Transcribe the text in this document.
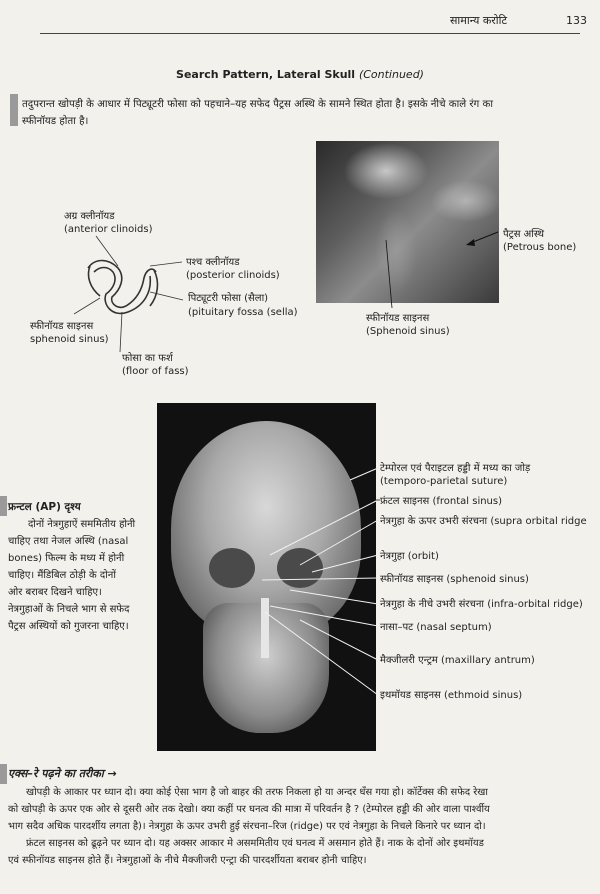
सामान्य करोटि	133
Search Pattern, Lateral Skull (Continued)
तदुपरान्त खोपड़ी के आधार में पिट्यूटरी फोसा को पहचाने–यह सफेद पैट्रस अस्थि के सामने स्थित होता है। इसके नीचे काले रंग का
स्फीनॉयड होता है।
अग्र क्लीनॉयड
(anterior clinoids)
पश्च क्लीनॉयड
(posterior clinoids)
पिट्यूटरी फोसा (सैला)
(pituitary fossa (sella)
स्फीनॉयड साइनस
sphenoid sinus)
फोसा का फर्श
(floor of fass)
पैट्रस अस्थि
(Petrous bone)
स्फीनॉयड साइनस
(Sphenoid sinus)
टेम्पोरल एवं पैराइटल हड्डी में मध्य का जोड़
(temporo-parietal suture)
फ्रंटल साइनस (frontal sinus)
नेत्रगुहा के ऊपर उभरी संरचना (supra orbital ridge
नेत्रगुहा (orbit)
स्फीनॉयड साइनस (sphenoid sinus)
नेत्रगुहा के नीचे उभरी संरचना (infra-orbital ridge)
नासा–पट (nasal septum)
मैक्जीलरी एन्ट्रम (maxillary antrum)
इथमॉयड साइनस (ethmoid sinus)
फ्रन्टल (AP) दृश्य
दोनों नेत्रगुहाऐं सममितीय होनी
चाहिए तथा नेजल अस्थि (nasal
bones) फिल्म के मध्य में होनी
चाहिए। मैंडिबिल ठोड़ी के दोनों
ओर बराबर दिखने चाहिए।
नेत्रगुहाओं के निचले भाग से सफेद
पैट्रस अस्थियों को गुजरना चाहिए।
एक्स–रे पढ़ने का तरीका →
खोपड़ी के आकार पर ध्यान दो। क्या कोई ऐसा भाग है जो बाहर की तरफ निकला हो या अन्दर धँस गया हो। कॉर्टेक्स की सफेद रेखा
को खोपड़ी के ऊपर एक ओर से दूसरी ओर तक देखो। क्या कहीं पर घनत्व की मात्रा में परिवर्तन है ? (टेम्पोरल हड्डी की ओर वाला पार्श्वीय
भाग सदैव अधिक पारदर्शीय लगता है)। नेत्रगुहा के ऊपर उभरी हुई संरचना–रिज (ridge) पर एवं नेत्रगुहा के निचले किनारे पर ध्यान दो।
फ्रंटल साइनस को ढूढ़ने पर ध्यान दो। यह अक्सर आकार मे असममितीय एवं घनत्व में असमान होते हैं। नाक के दोनों ओर इथमॉयड
एवं स्फीनॉयड साइनस होते हैं। नेत्रगुहाओं के नीचे मैक्जीजरी एन्ट्रा की पारदर्शीयता बराबर होनी चाहिए।
